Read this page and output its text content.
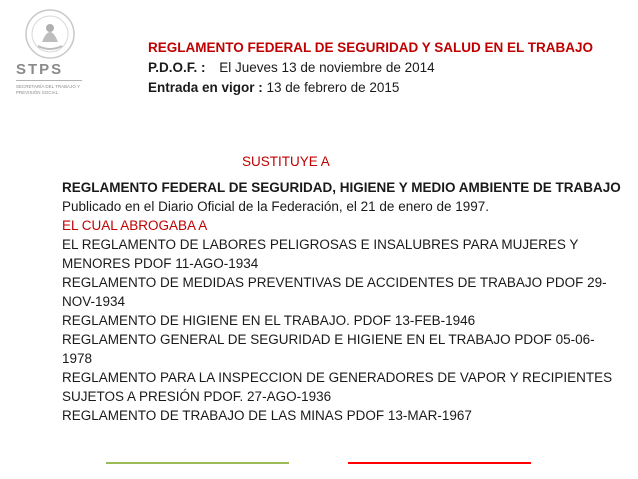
STPS
SECRETARÍA DEL TRABAJO Y PREVISIÓN SOCIAL
REGLAMENTO FEDERAL DE SEGURIDAD Y SALUD EN EL TRABAJO
P.D.O.F. : El Jueves 13 de noviembre de 2014
Entrada en vigor : 13 de febrero de 2015
SUSTITUYE A
REGLAMENTO FEDERAL DE SEGURIDAD, HIGIENE Y MEDIO AMBIENTE DE TRABAJO
Publicado en el Diario Oficial de la Federación, el 21 de enero de 1997.
EL CUAL ABROGABA A
EL REGLAMENTO DE LABORES PELIGROSAS E INSALUBRES PARA MUJERES Y
MENORES PDOF 11-AGO-1934
REGLAMENTO DE MEDIDAS PREVENTIVAS DE ACCIDENTES DE TRABAJO PDOF 29-
NOV-1934
REGLAMENTO DE HIGIENE EN EL TRABAJO. PDOF 13-FEB-1946
REGLAMENTO GENERAL DE SEGURIDAD E HIGIENE EN EL TRABAJO PDOF 05-06-
1978
REGLAMENTO PARA LA INSPECCION DE GENERADORES DE VAPOR Y RECIPIENTES
SUJETOS A PRESIÓN PDOF. 27-AGO-1936
REGLAMENTO DE TRABAJO DE LAS MINAS PDOF 13-MAR-1967
